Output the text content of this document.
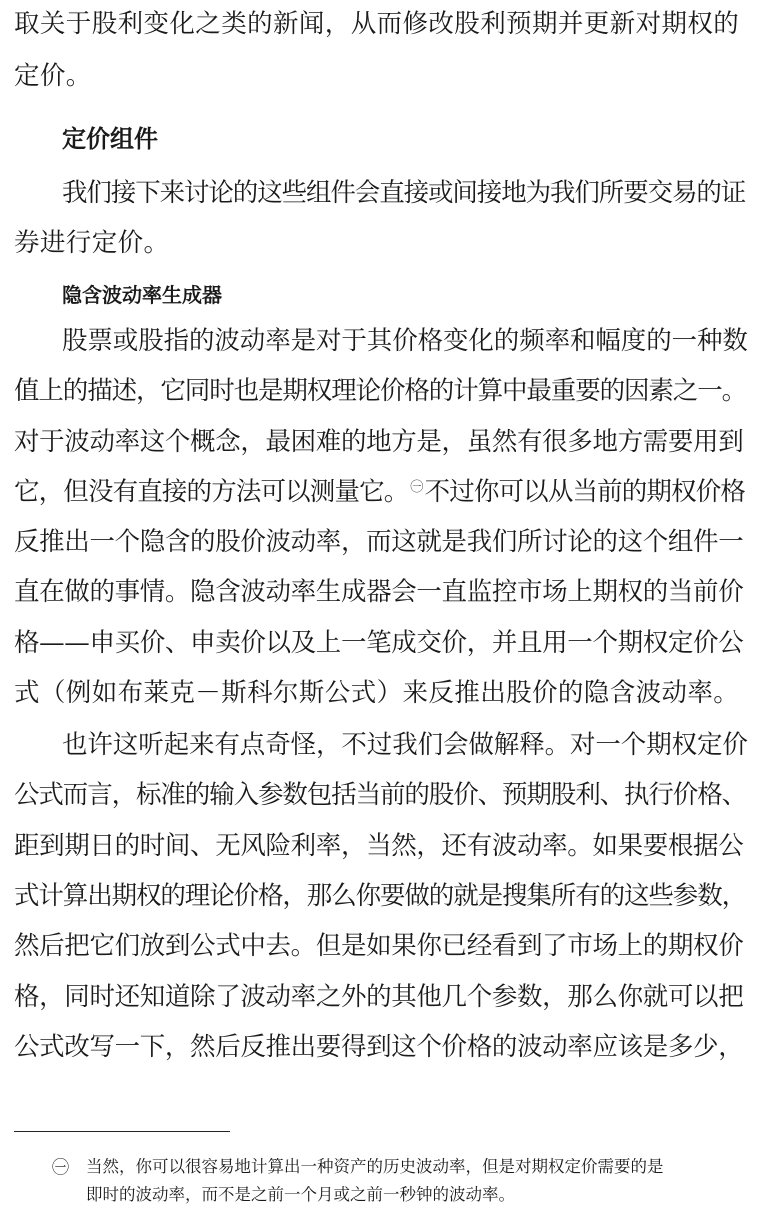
取关于股利变化之类的新闻，从而修改股利预期并更新对期权的
定价。
定价组件
我们接下来讨论的这些组件会直接或间接地为我们所要交易的证
券进行定价。
隐含波动率生成器
股票或股指的波动率是对于其价格变化的频率和幅度的一种数
值上的描述，它同时也是期权理论价格的计算中最重要的因素之一。
对于波动率这个概念，最困难的地方是，虽然有很多地方需要用到
它，但没有直接的方法可以测量它。 ㊀不过你可以从当前的期权价格
反推出一个隐含的股价波动率，而这就是我们所讨论的这个组件一
直在做的事情。隐含波动率生成器会一直监控市场上期权的当前价
格——申买价、申卖价以及上一笔成交价，并且用一个期权定价公
式（例如布莱克－斯科尔斯公式）来反推出股价的隐含波动率。
也许这听起来有点奇怪，不过我们会做解释。对一个期权定价
公式而言，标准的输入参数包括当前的股价、预期股利、执行价格、
距到期日的时间、无风险利率，当然，还有波动率。如果要根据公
式计算出期权的理论价格，那么你要做的就是搜集所有的这些参数，
然后把它们放到公式中去。但是如果你已经看到了市场上的期权价
格，同时还知道除了波动率之外的其他几个参数，那么你就可以把
公式改写一下，然后反推出要得到这个价格的波动率应该是多少，
㊀ 当然，你可以很容易地计算出一种资产的历史波动率，但是对期权定价需要的是
即时的波动率，而不是之前一个月或之前一秒钟的波动率。
